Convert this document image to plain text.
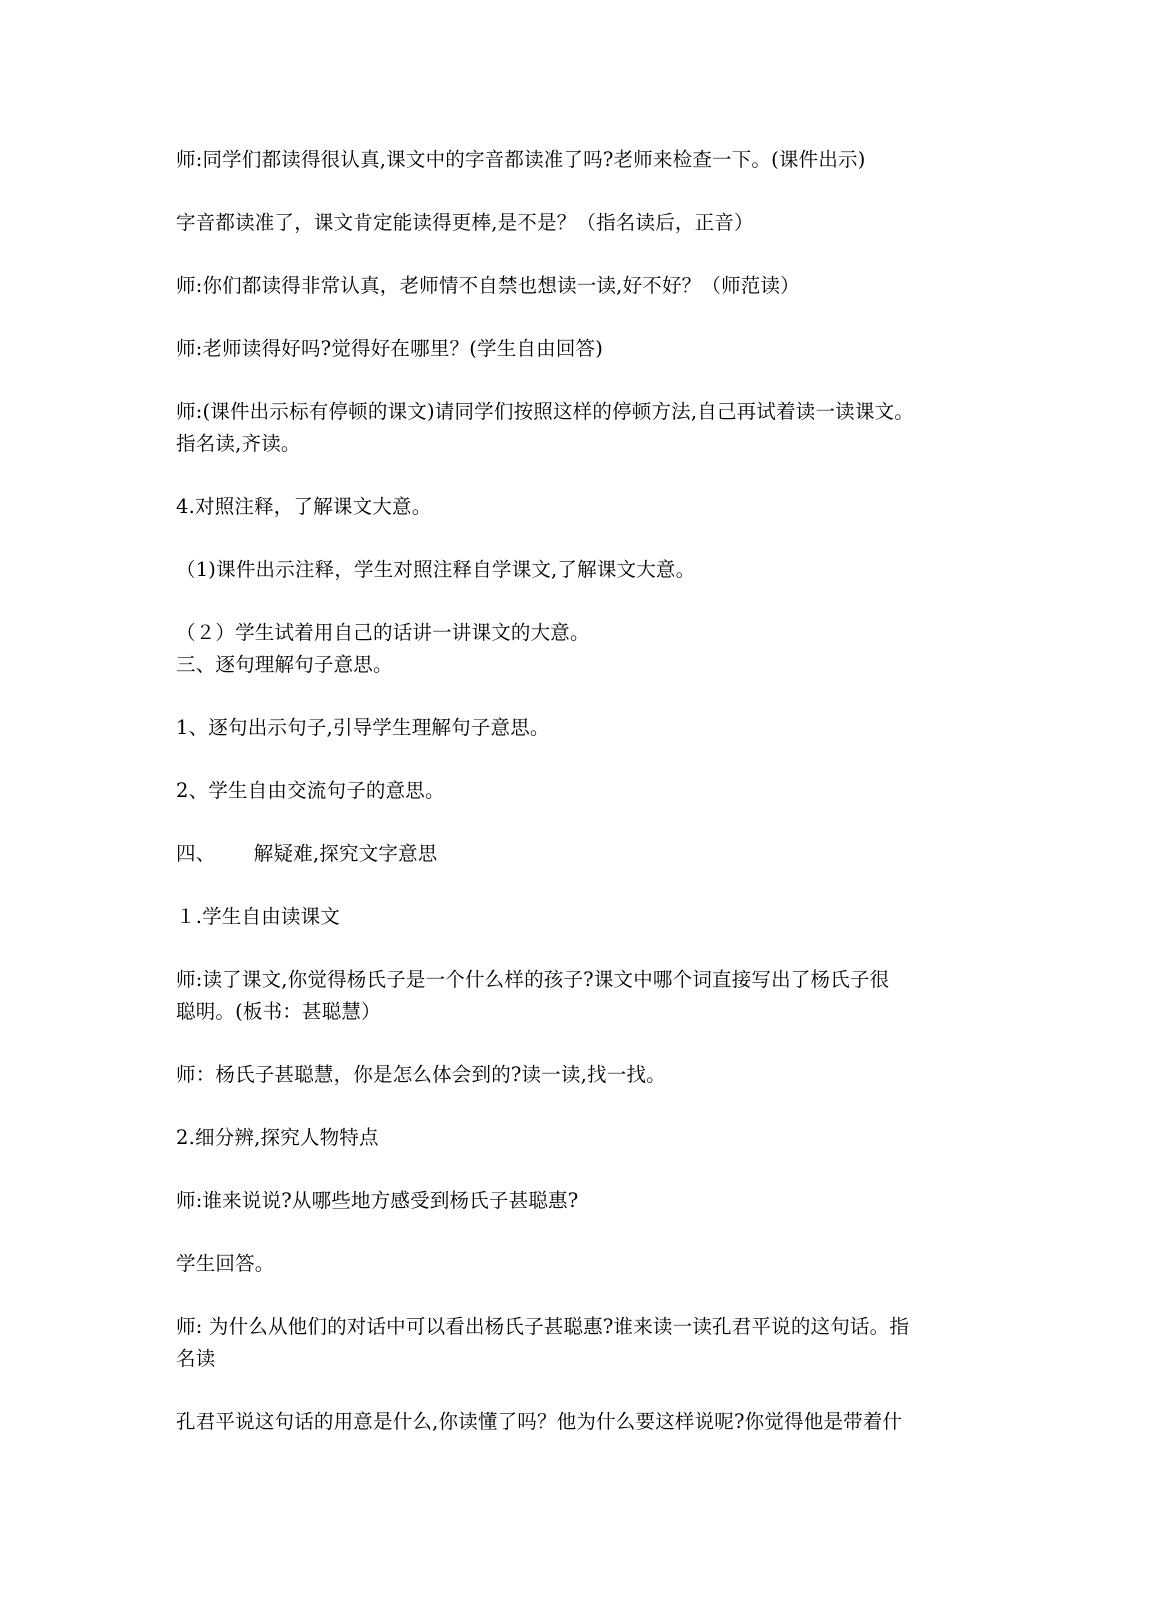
师:同学们都读得很认真,课文中的字音都读准了吗?老师来检查一下。(课件出示)
字音都读准了，课文肯定能读得更棒,是不是？（指名读后，正音）
师:你们都读得非常认真，老师情不自禁也想读一读,好不好？（师范读）
师:老师读得好吗?觉得好在哪里？(学生自由回答)
师:(课件出示标有停顿的课文)请同学们按照这样的停顿方法,自己再试着读一读课文。
指名读,齐读。
4.对照注释，了解课文大意。
（1)课件出示注释，学生对照注释自学课文,了解课文大意。
（２）学生试着用自己的话讲一讲课文的大意。
三、逐句理解句子意思。
1、逐句出示句子,引导学生理解句子意思。
2、学生自由交流句子的意思。
四、      解疑难,探究文字意思
１.学生自由读课文
师:读了课文,你觉得杨氏子是一个什么样的孩子?课文中哪个词直接写出了杨氏子很
聪明。(板书：甚聪慧）
师：杨氏子甚聪慧，你是怎么体会到的?读一读,找一找。
2.细分辨,探究人物特点
师:谁来说说?从哪些地方感受到杨氏子甚聪惠?
学生回答。
师: 为什么从他们的对话中可以看出杨氏子甚聪惠?谁来读一读孔君平说的这句话。指
名读
孔君平说这句话的用意是什么,你读懂了吗？他为什么要这样说呢?你觉得他是带着什
